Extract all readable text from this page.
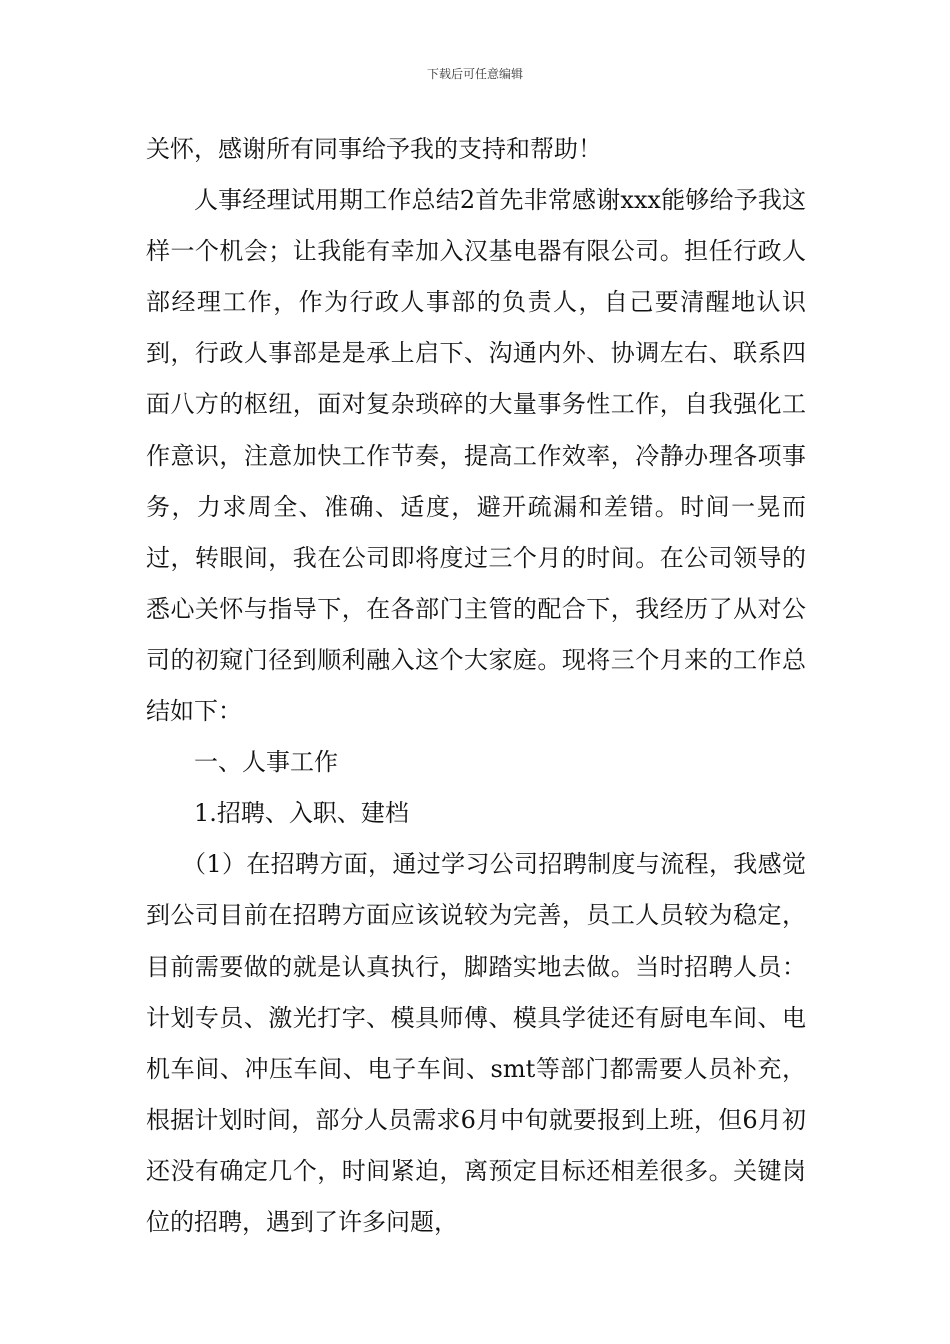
下载后可任意编辑

关怀，感谢所有同事给予我的支持和帮助！

人事经理试用期工作总结2首先非常感谢xxx能够给予我这样一个机会；让我能有幸加入汉基电器有限公司。担任行政人部经理工作，作为行政人事部的负责人，自己要清醒地认识到，行政人事部是是承上启下、沟通内外、协调左右、联系四面八方的枢纽，面对复杂琐碎的大量事务性工作，自我强化工作意识，注意加快工作节奏，提高工作效率，冷静办理各项事务，力求周全、准确、适度，避开疏漏和差错。时间一晃而过，转眼间，我在公司即将度过三个月的时间。在公司领导的悉心关怀与指导下，在各部门主管的配合下，我经历了从对公司的初窥门径到顺利融入这个大家庭。现将三个月来的工作总结如下：

一、人事工作

1.招聘、入职、建档

（1）在招聘方面，通过学习公司招聘制度与流程，我感觉到公司目前在招聘方面应该说较为完善，员工人员较为稳定，目前需要做的就是认真执行，脚踏实地去做。当时招聘人员：计划专员、激光打字、模具师傅、模具学徒还有厨电车间、电机车间、冲压车间、电子车间、smt等部门都需要人员补充，根据计划时间，部分人员需求6月中旬就要报到上班，但6月初还没有确定几个，时间紧迫，离预定目标还相差很多。关键岗位的招聘，遇到了许多问题，
